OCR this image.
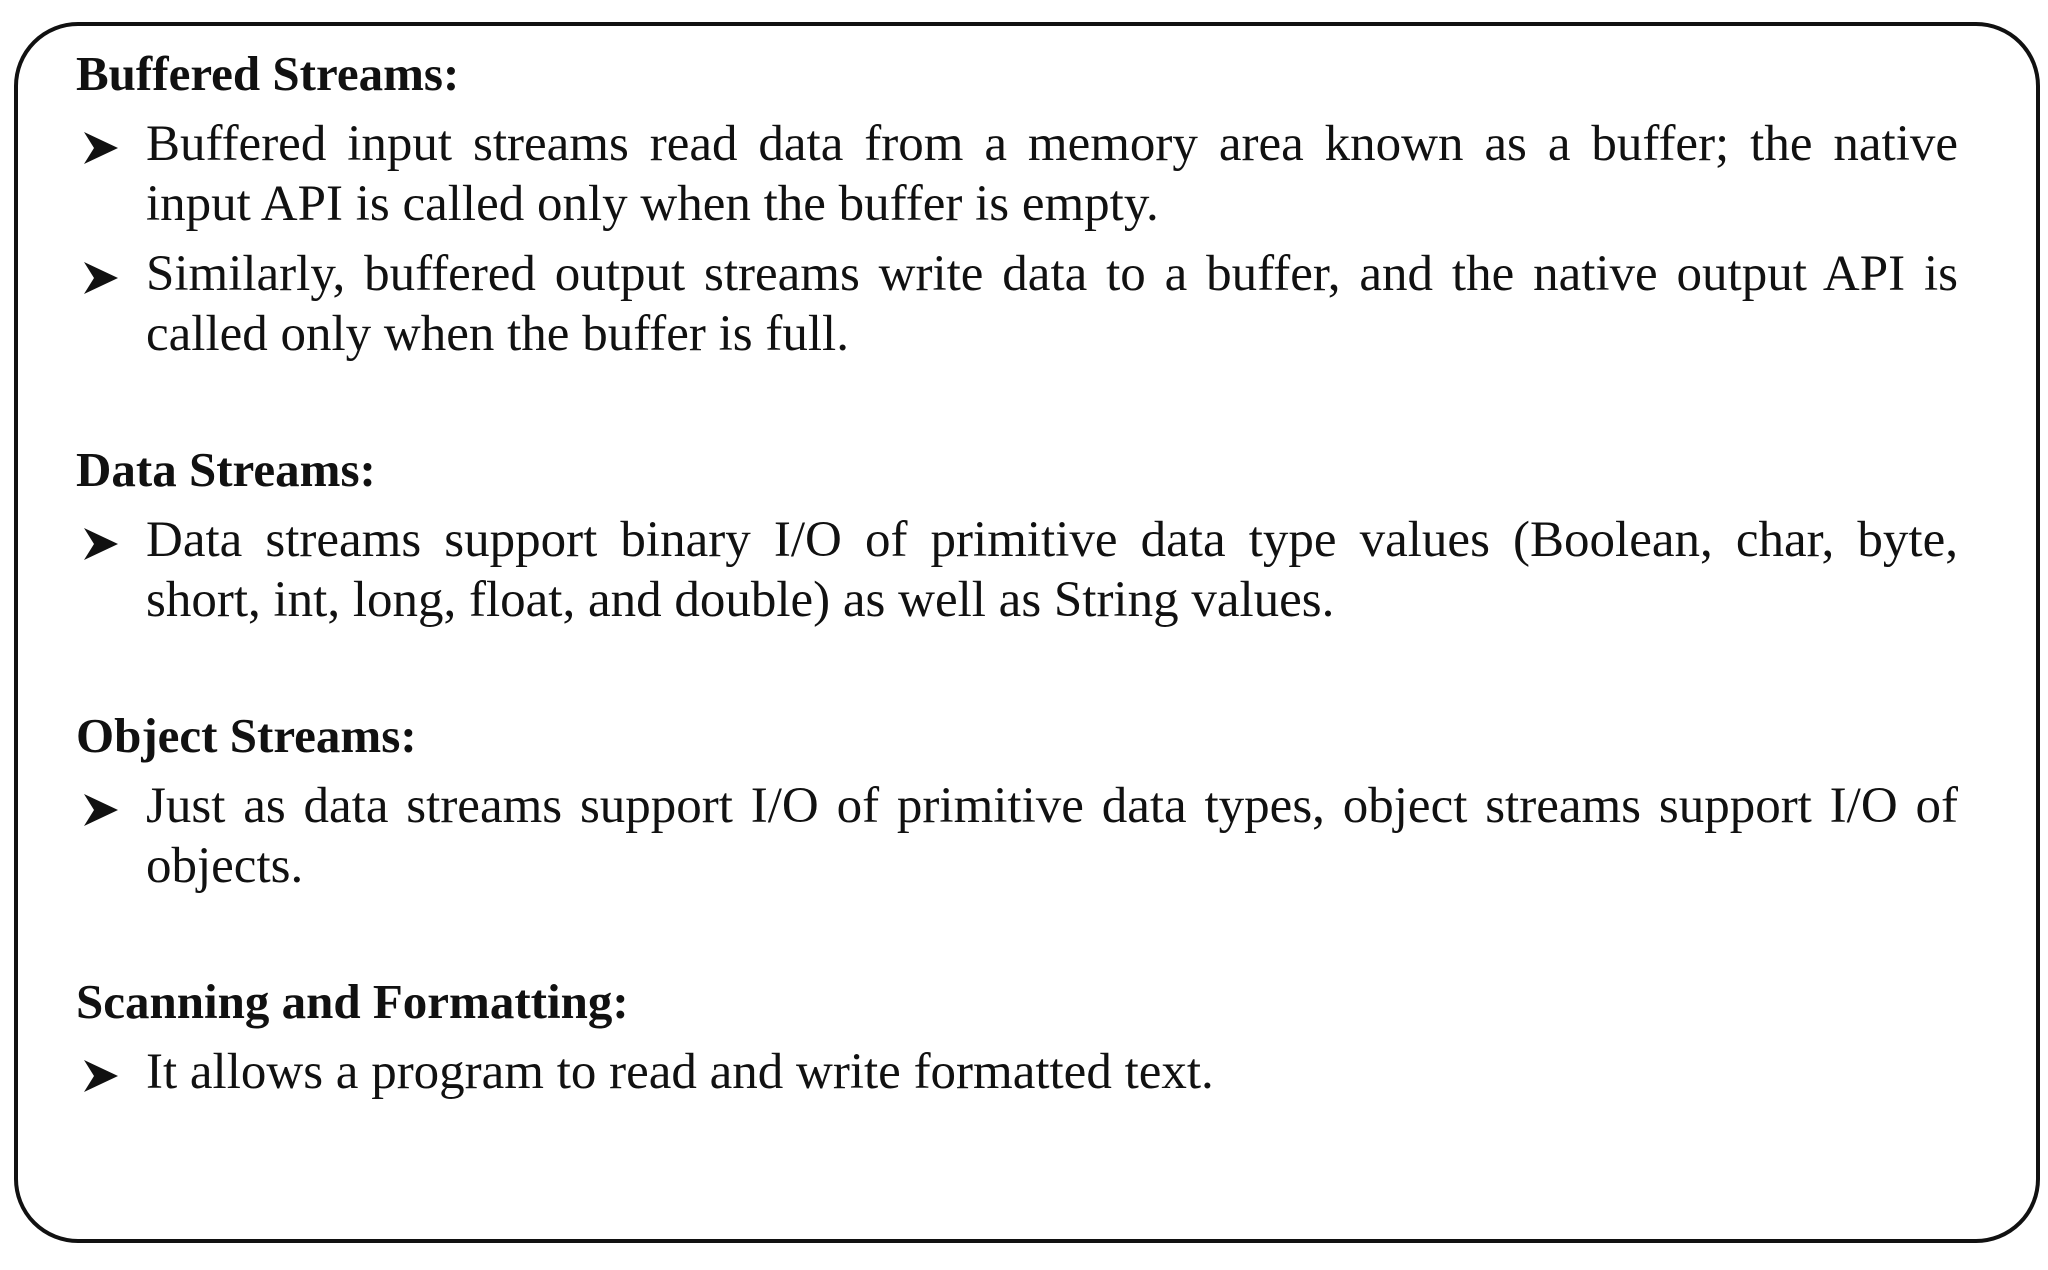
Buffered Streams:
Buffered input streams read data from a memory area known as a buffer; the native input API is called only when the buffer is empty.
Similarly, buffered output streams write data to a buffer, and the native output API is called only when the buffer is full.
Data Streams:
Data streams support binary I/O of primitive data type values (Boolean, char, byte, short, int, long, float, and double) as well as String values.
Object Streams:
Just as data streams support I/O of primitive data types, object streams support I/O of objects.
Scanning and Formatting:
It allows a program to read and write formatted text.
